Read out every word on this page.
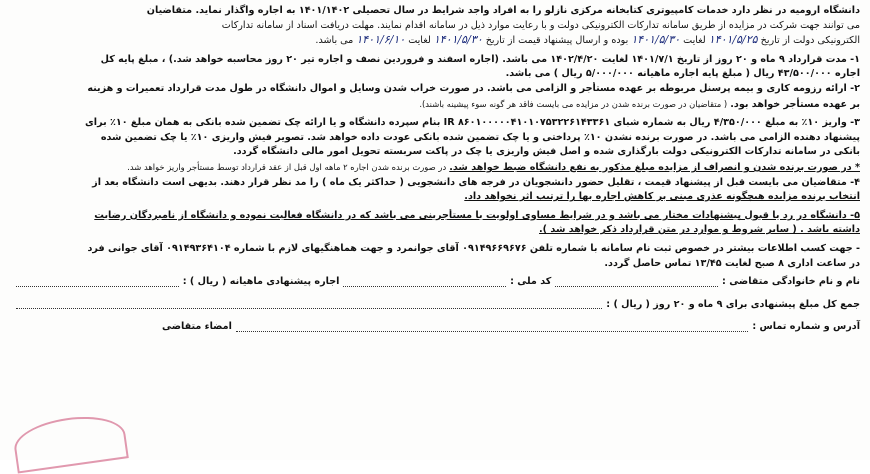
دانشگاه ارومیه در نظر دارد خدمات کامپیوتری کتابخانه مرکزی نازلو را به افراد واجد شرایط در سال تحصیلی ۱۴۰۱/۱۴۰۲ به اجاره واگذار نماید. متقاضیان
می توانند جهت شرکت در مزایده از طریق سامانه تدارکات الکترونیکی دولت و با رعایت موارد ذیل در سامانه اقدام نمایند. مهلت دریافت اسناد از سامانه تدارکات
الکترونیکی دولت از تاریخ ۱۴۰۱/۵/۲۵ لغایت ۱۴۰۱/۵/۳۰ بوده و ارسال پیشنهاد قیمت از تاریخ ۱۴۰۱/۵/۳۰ لغایت ۱۴۰۱/۶/۱۰ می باشد.
۱- مدت قرارداد ۹ ماه و ۲۰ روز از تاریخ ۱۴۰۱/۷/۱ لغایت ۱۴۰۲/۴/۲۰ می باشد. (اجاره اسفند و فروردین نصف و اجاره تیر ۲۰ روز محاسبه خواهد شد.) ، مبلغ پایه کل
اجاره ۴۳/۵۰۰/۰۰۰ ریال ( مبلغ پایه اجاره ماهیانه ۵/۰۰۰/۰۰۰ ریال ) می باشد.
۲- ارائه رزومه کاری و بیمه پرسنل مربوطه بر عهده مستأجر و الزامی می باشد. در صورت خراب شدن وسایل و اموال دانشگاه در طول مدت قرارداد تعمیرات و هزینه
بر عهده مستأجر خواهد بود. ( متقاضیان در صورت برنده شدن در مزایده می بایست فاقد هر گونه سوء پیشینه باشند).
۳- واریز ۱۰٪ به مبلغ ۴/۳۵۰/۰۰۰ ریال به شماره شبای IR ۸۶۰۱۰۰۰۰۰۴۱۰۱۰۷۵۳۲۲۶۱۴۳۳۶۱ بنام سپرده دانشگاه و یا ارائه چک تضمین شده بانکی به همان مبلغ ۱۰٪ برای
پیشنهاد دهنده الزامی می باشد. در صورت برنده نشدن ۱۰٪ پرداختی و یا چک تضمین شده بانکی عودت داده خواهد شد. تصویر فیش واریزی ۱۰٪ یا چک تضمین شده
بانکی در سامانه تدارکات الکترونیکی دولت بارگذاری شده و اصل فیش واریزی یا چک در پاکت سربسته تحویل امور مالی دانشگاه گردد.
* در صورت برنده شدن و انصراف از مزایده مبلغ مذکور به نفع دانشگاه ضبط خواهد شد. در صورت برنده شدن اجاره ۲ ماهه اول قبل از عقد قرارداد توسط مستأجر واریز خواهد شد.
۴- متقاضیان می بایست قبل از پیشنهاد قیمت ، تقلیل حضور دانشجویان در فرجه های دانشجویی ( حداکثر یک ماه ) را مد نظر قرار دهند. بدیهی است دانشگاه بعد از
انتخاب برنده مزایده هیچگونه عذری مبنی بر کاهش اجاره بها را ترتیب اثر نخواهد داد.
۵- دانشگاه در رد یا قبول پیشنهادات مختار می باشد و در شرایط مساوی اولویت با مستأجرینی می باشد که در دانشگاه فعالیت نموده و دانشگاه از نامبردگان رضایت
داشته باشد . ( سایر شروط و موارد در متن قرارداد ذکر خواهد شد ).
- جهت کسب اطلاعات بیشتر در خصوص ثبت نام سامانه با شماره تلفن ۰۹۱۴۹۶۶۹۶۷۶ آقای جوانمرد و جهت هماهنگیهای لازم با شماره ۰۹۱۴۹۳۶۴۱۰۴ آقای جوانی فرد
در ساعت اداری ۸ صبح لغایت ۱۳/۴۵ تماس حاصل گردد.
نام و نام خانوادگی متقاضی :
کد ملی :
اجاره پیشنهادی ماهیانه ( ریال ) :
جمع کل مبلغ پیشنهادی برای ۹ ماه و ۲۰ روز ( ریال ) :
آدرس و شماره تماس :
امضاء متقاضی
